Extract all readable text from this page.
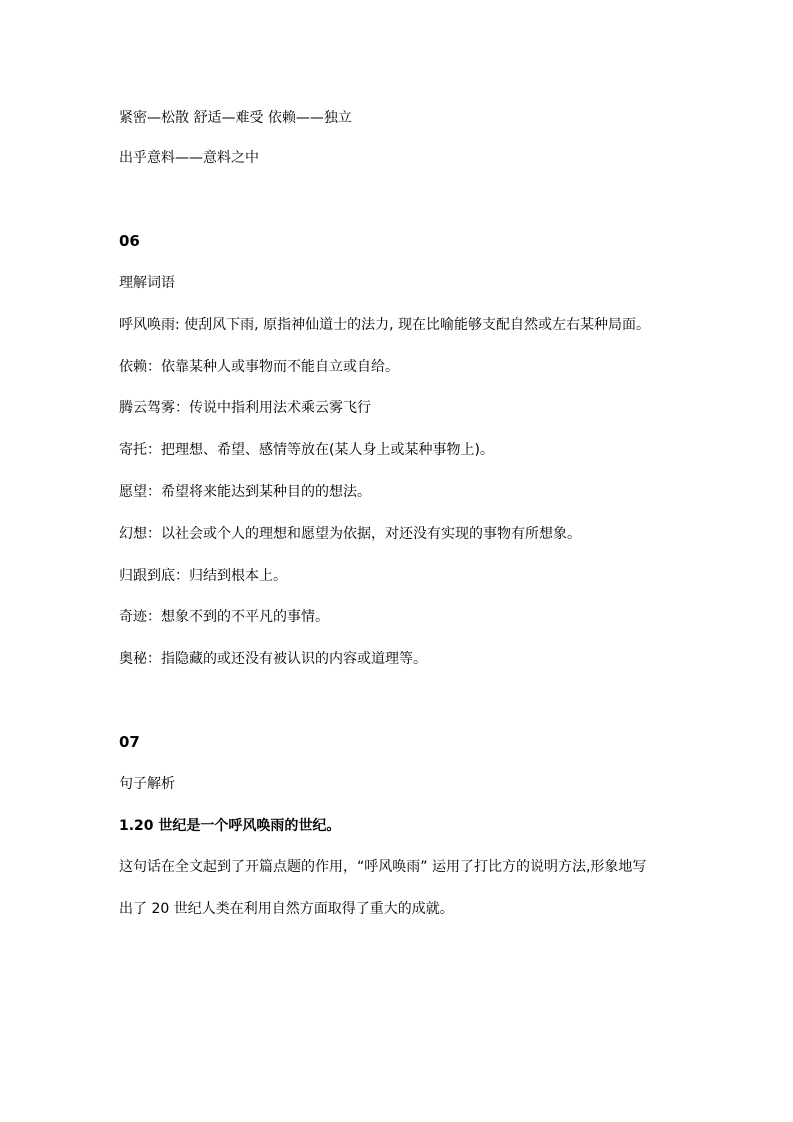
紧密—松散 舒适—难受 依赖——独立
出乎意料——意料之中
06
理解词语
呼风唤雨: 使刮风下雨, 原指神仙道士的法力, 现在比喻能够支配自然或左右某种局面。
依赖：依靠某种人或事物而不能自立或自给。
腾云驾雾：传说中指利用法术乘云雾飞行
寄托：把理想、希望、感情等放在(某人身上或某种事物上)。
愿望：希望将来能达到某种目的的想法。
幻想：以社会或个人的理想和愿望为依据，对还没有实现的事物有所想象。
归跟到底：归结到根本上。
奇迹：想象不到的不平凡的事情。
奥秘：指隐藏的或还没有被认识的内容或道理等。
07
句子解析
1.20 世纪是一个呼风唤雨的世纪。
这句话在全文起到了开篇点题的作用，“呼风唤雨” 运用了打比方的说明方法,形象地写
出了 20 世纪人类在利用自然方面取得了重大的成就。
